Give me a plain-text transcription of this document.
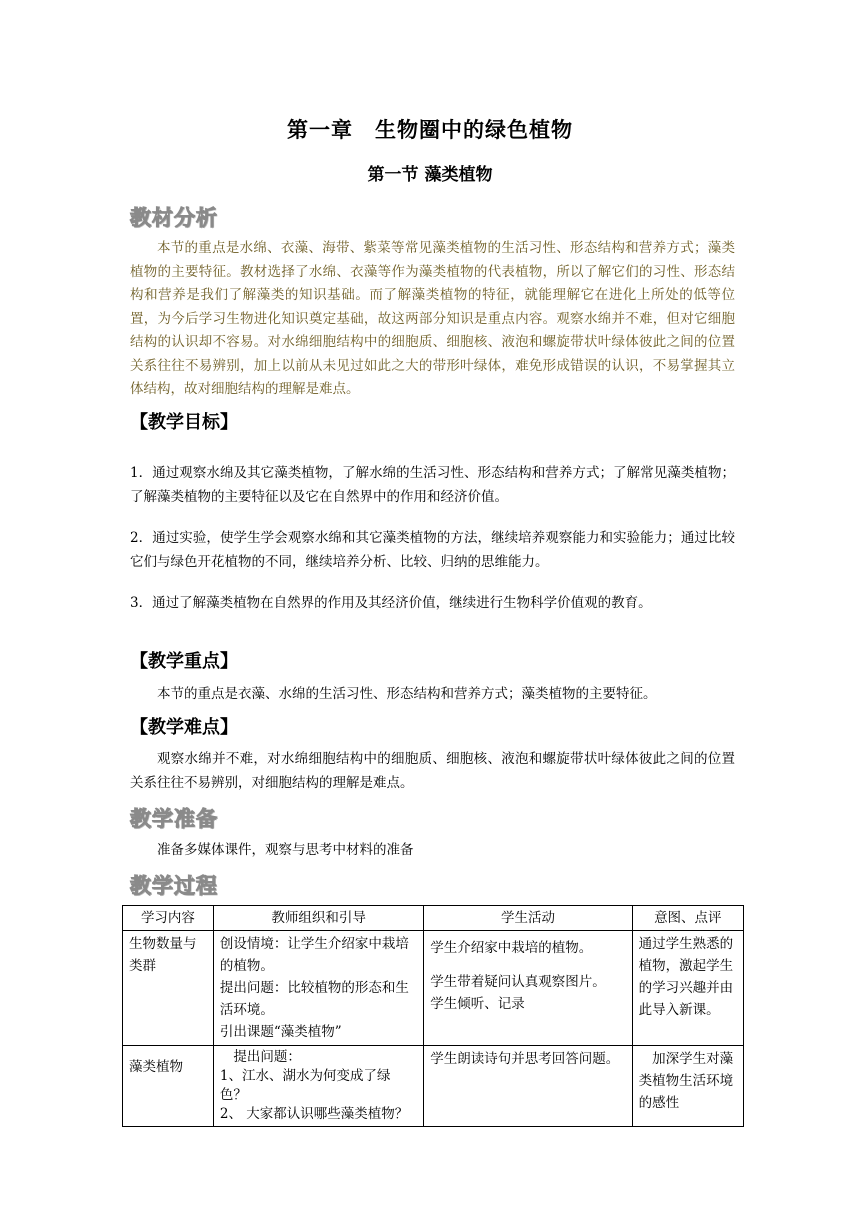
第一章　生物圈中的绿色植物
第一节 藻类植物
教材分析
本节的重点是水绵、衣藻、海带、紫菜等常见藻类植物的生活习性、形态结构和营养方式；藻类植物的主要特征。教材选择了水绵、衣藻等作为藻类植物的代表植物，所以了解它们的习性、形态结构和营养是我们了解藻类的知识基础。而了解藻类植物的特征，就能理解它在进化上所处的低等位置，为今后学习生物进化知识奠定基础，故这两部分知识是重点内容。观察水绵并不难，但对它细胞结构的认识却不容易。对水绵细胞结构中的细胞质、细胞核、液泡和螺旋带状叶绿体彼此之间的位置关系往往不易辨别，加上以前从未见过如此之大的带形叶绿体，难免形成错误的认识，不易掌握其立体结构，故对细胞结构的理解是难点。
【教学目标】
1．通过观察水绵及其它藻类植物，了解水绵的生活习性、形态结构和营养方式；了解常见藻类植物；了解藻类植物的主要特征以及它在自然界中的作用和经济价值。
2．通过实验，使学生学会观察水绵和其它藻类植物的方法，继续培养观察能力和实验能力；通过比较它们与绿色开花植物的不同，继续培养分析、比较、归纳的思维能力。
3．通过了解藻类植物在自然界的作用及其经济价值，继续进行生物科学价值观的教育。
【教学重点】
本节的重点是衣藻、水绵的生活习性、形态结构和营养方式；藻类植物的主要特征。
【教学难点】
观察水绵并不难，对水绵细胞结构中的细胞质、细胞核、液泡和螺旋带状叶绿体彼此之间的位置关系往往不易辨别，对细胞结构的理解是难点。
教学准备
准备多媒体课件，观察与思考中材料的准备
教学过程
学习内容	教师组织和引导	学生活动	意图、点评
生物数量与类群	创设情境：让学生介绍家中栽培的植物。
提出问题：比较植物的形态和生活环境。
引出课题“藻类植物”	学生介绍家中栽培的植物。
学生带着疑问认真观察图片。
学生倾听、记录	通过学生熟悉的植物，激起学生的学习兴趣并由此导入新课。
藻类植物	　提出问题：
1、江水、湖水为何变成了绿色？
2、 大家都认识哪些藻类植物？	学生朗读诗句并思考回答问题。	　加深学生对藻类植物生活环境的感性
